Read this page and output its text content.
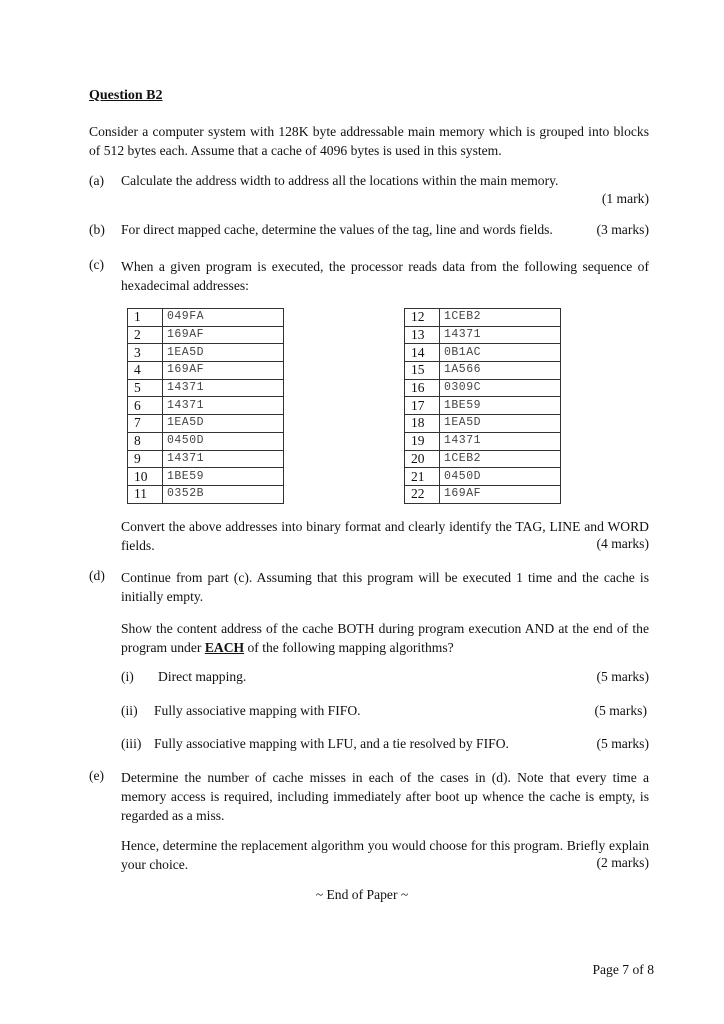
Question B2
Consider a computer system with 128K byte addressable main memory which is grouped into blocks of 512 bytes each. Assume that a cache of 4096 bytes is used in this system.
(a) Calculate the address width to address all the locations within the main memory.
(1 mark)
(b) For direct mapped cache, determine the values of the tag, line and words fields.	(3 marks)
(c) When a given program is executed, the processor reads data from the following sequence of hexadecimal addresses:
1	049FA
2	169AF
3	1EA5D
4	169AF
5	14371
6	14371
7	1EA5D
8	0450D
9	14371
10	1BE59
11	0352B
12	1CEB2
13	14371
14	0B1AC
15	1A566
16	0309C
17	1BE59
18	1EA5D
19	14371
20	1CEB2
21	0450D
22	169AF
Convert the above addresses into binary format and clearly identify the TAG, LINE and WORD fields.	(4 marks)
(d) Continue from part (c). Assuming that this program will be executed 1 time and the cache is initially empty.
Show the content address of the cache BOTH during program execution AND at the end of the program under EACH of the following mapping algorithms?
(i) Direct mapping.	(5 marks)
(ii) Fully associative mapping with FIFO.	(5 marks)
(iii) Fully associative mapping with LFU, and a tie resolved by FIFO.	(5 marks)
(e) Determine the number of cache misses in each of the cases in (d). Note that every time a memory access is required, including immediately after boot up whence the cache is empty, is regarded as a miss.
Hence, determine the replacement algorithm you would choose for this program. Briefly explain your choice.	(2 marks)
~ End of Paper ~
Page 7 of 8
